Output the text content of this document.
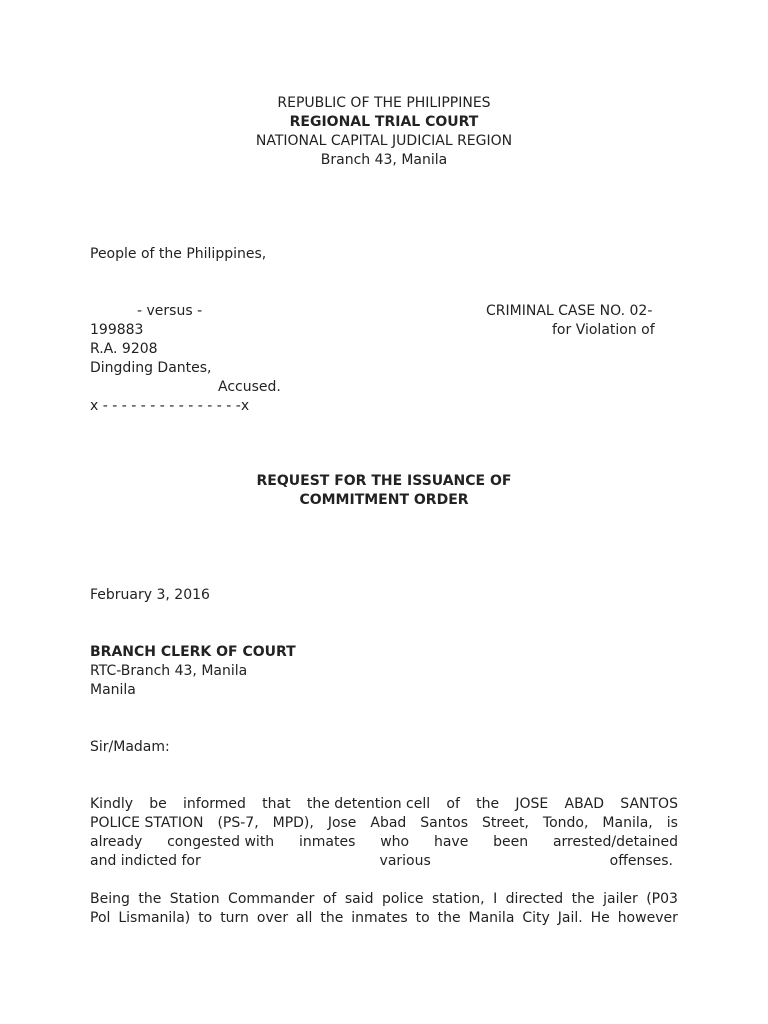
REPUBLIC OF THE PHILIPPINES
REGIONAL TRIAL COURT
NATIONAL CAPITAL JUDICIAL REGION
Branch 43, Manila
People of the Philippines,
- versus -	CRIMINAL CASE NO. 02-
199883	for Violation of
R.A. 9208
Dingding Dantes,
Accused.
x - - - - - - - - - - - - - - -x
REQUEST FOR THE ISSUANCE OF
COMMITMENT ORDER
February 3, 2016
BRANCH CLERK OF COURT
RTC-Branch 43, Manila
Manila
Sir/Madam:
Kindly be informed that the detention cell of the JOSE ABAD SANTOS
POLICE STATION (PS-7, MPD), Jose Abad Santos Street, Tondo, Manila, is
already congested with inmates who have been arrested/detained
and indicted for	various	offenses.
Being the Station Commander of said police station, I directed the jailer (P03
Pol Lismanila) to turn over all the inmates to the Manila City Jail. He however
